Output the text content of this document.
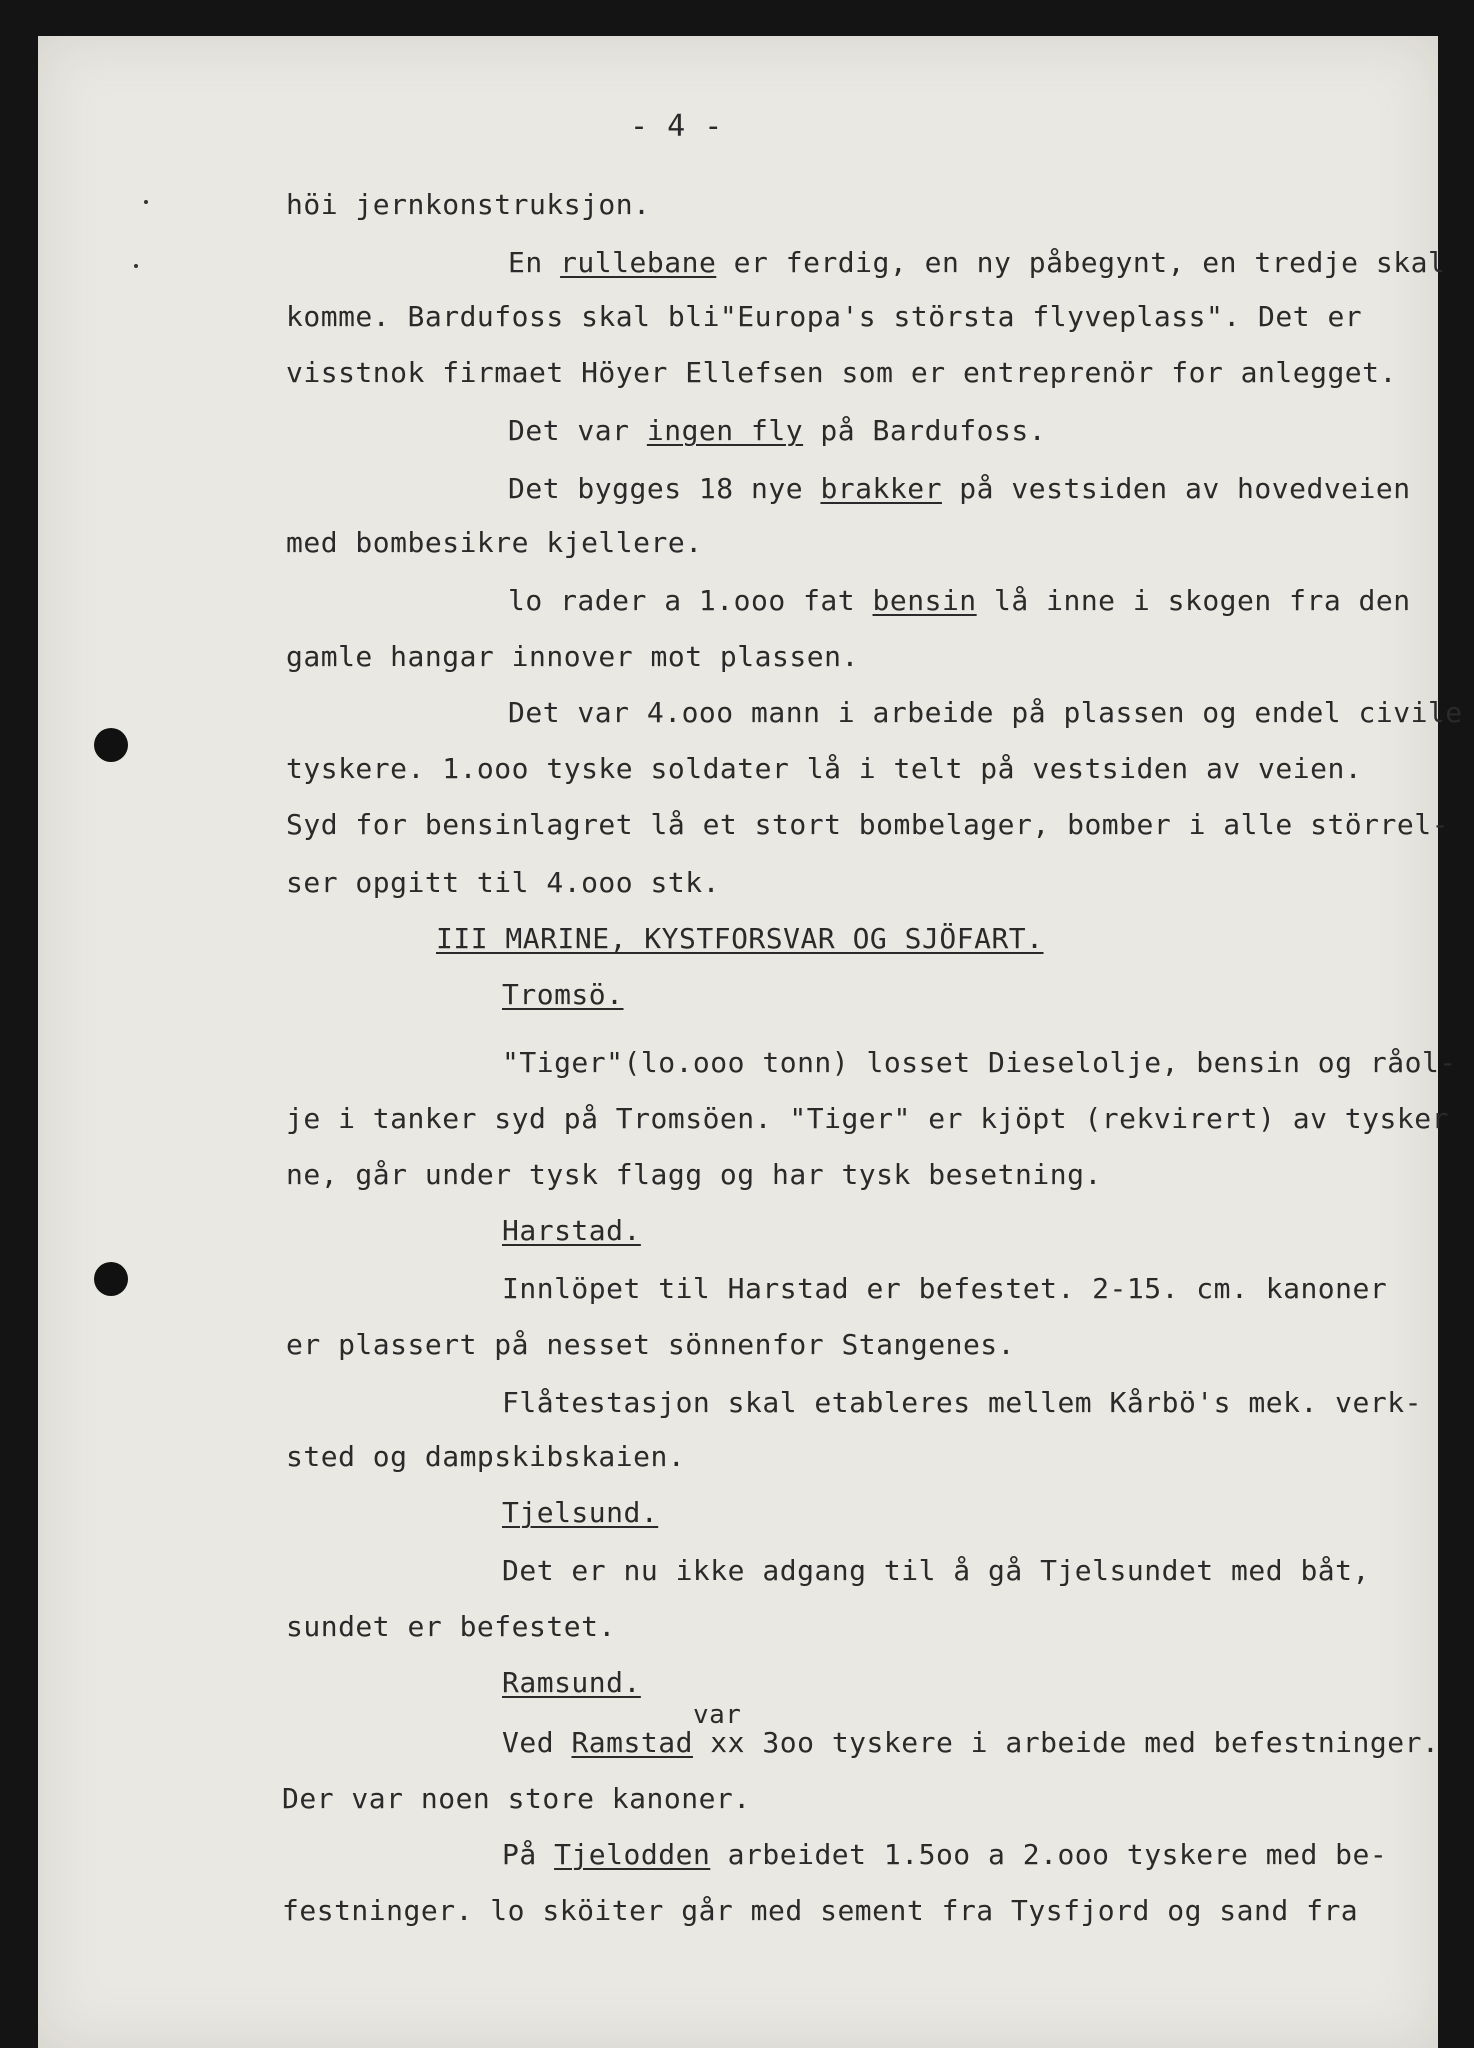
- 4 -

höi jernkonstruksjon.

En rullebane er ferdig, en ny påbegynt, en tredje skal

komme. Bardufoss skal bli"Europa's största flyveplass". Det er

visstnok firmaet Höyer Ellefsen som er entreprenör for anlegget.

Det var ingen fly på Bardufoss.

Det bygges 18 nye brakker på vestsiden av hovedveien

med bombesikre kjellere.

lo rader a 1.ooo fat bensin lå inne i skogen fra den

gamle hangar innover mot plassen.

Det var 4.ooo mann i arbeide på plassen og endel civile

tyskere. 1.ooo tyske soldater lå i telt på vestsiden av veien.

Syd for bensinlagret lå et stort bombelager, bomber i alle störrel-

ser opgitt til 4.ooo stk.

III MARINE, KYSTFORSVAR OG SJÖFART.

Tromsö.

"Tiger"(lo.ooo tonn) losset Dieselolje, bensin og råol-

je i tanker syd på Tromsöen. "Tiger" er kjöpt (rekvirert) av tysker

ne, går under tysk flagg og har tysk besetning.

Harstad.

Innlöpet til Harstad er befestet. 2-15. cm. kanoner

er plassert på nesset sönnenfor Stangenes.

Flåtestasjon skal etableres mellem Kårbö's mek. verk-

sted og dampskibskaien.

Tjelsund.

Det er nu ikke adgang til å gå Tjelsundet med båt,

sundet er befestet.

Ramsund.

var

Ved Ramstad xx 3oo tyskere i arbeide med befestninger.

Der var noen store kanoner.

På Tjelodden arbeidet 1.5oo a 2.ooo tyskere med be-

festninger. lo sköiter går med sement fra Tysfjord og sand fra
